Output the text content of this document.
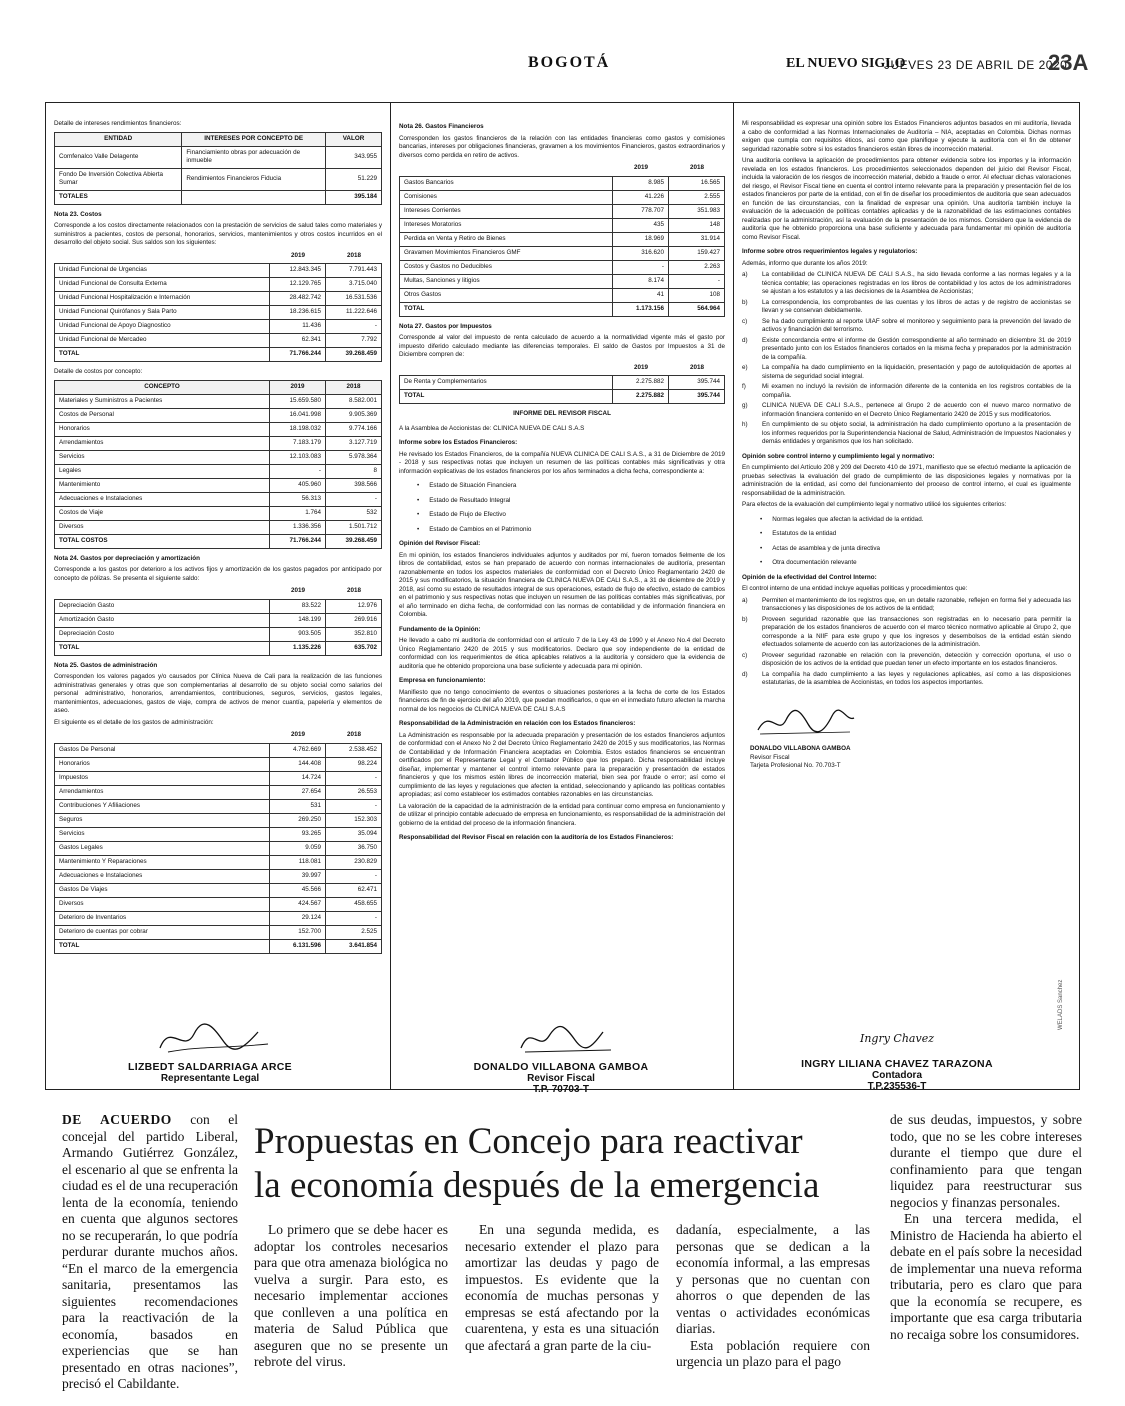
BOGOTÁ	EL NUEVO SIGLO
JUEVES 23 DE ABRIL DE 2020
23A
Detalle de intereses rendimientos financieros:
ENTIDAD	INTERESES POR CONCEPTO DE	VALOR
Comfenalco Valle Delagente	Financiamiento obras por adecuación de inmueble	343.955
Fondo De Inversión Colectiva Abierta Sumar	Rendimientos Financieros Fiducia	51.229
TOTALES		395.184
Nota 23. Costos
Corresponde a los costos directamente relacionados con la prestación de servicios de salud tales como materiales y suministros a pacientes, costos de personal, honorarios, servicios, mantenimientos y otros costos incurridos en el desarrollo del objeto social. Sus saldos son los siguientes:
2019	2018
Unidad Funcional de Urgencias	12.843.345	7.791.443
Unidad Funcional de Consulta Externa	12.129.765	3.715.040
Unidad Funcional Hospitalización e Internación	28.482.742	16.531.536
Unidad Funcional Quirófanos y Sala Parto	18.236.615	11.222.646
Unidad Funcional de Apoyo Diagnostico	11.436	-
Unidad Funcional de Mercadeo	62.341	7.792
TOTAL	71.766.244	39.268.459
Detalle de costos por concepto:
CONCEPTO	2019	2018
Materiales y Suministros a Pacientes	15.659.580	8.582.001
Costos de Personal	16.041.998	9.905.369
Honorarios	18.198.032	9.774.166
Arrendamientos	7.183.179	3.127.719
Servicios	12.103.083	5.978.364
Legales	-	8
Mantenimiento	405.960	398.566
Adecuaciones e Instalaciones	56.313	-
Costos de Viaje	1.764	532
Diversos	1.336.356	1.501.712
TOTAL COSTOS	71.766.244	39.268.459
Nota 24. Gastos por depreciación y amortización
Corresponde a los gastos por deterioro a los activos fijos y amortización de los gastos pagados por anticipado por concepto de pólizas. Se presenta el siguiente saldo:
2019	2018
Depreciación Gasto	83.522	12.976
Amortización Gasto	148.199	269.916
Depreciación Costo	903.505	352.810
TOTAL	1.135.226	635.702
Nota 25. Gastos de administración
Corresponden los valores pagados y/o causados por Clínica Nueva de Cali para la realización de las funciones administrativas generales y otras que son complementarias al desarrollo de su objeto social como salarios del personal administrativo, honorarios, arrendamientos, contribuciones, seguros, servicios, gastos legales, mantenimientos, adecuaciones, gastos de viaje, compra de activos de menor cuantía, papelería y elementos de aseo.
El siguiente es el detalle de los gastos de administración:
2019	2018
Gastos De Personal	4.762.669	2.538.452
Honorarios	144.408	98.224
Impuestos	14.724	-
Arrendamientos	27.654	26.553
Contribuciones Y Afiliaciones	531	-
Seguros	269.250	152.303
Servicios	93.265	35.094
Gastos Legales	9.059	36.750
Mantenimiento Y Reparaciones	118.081	230.829
Adecuaciones e Instalaciones	39.997	-
Gastos De Viajes	45.566	62.471
Diversos	424.567	458.655
Deterioro de Inventarios	29.124	-
Deterioro de cuentas por cobrar	152.700	2.525
TOTAL	6.131.596	3.641.854
Nota 26. Gastos Financieros
Corresponden los gastos financieros de la relación con las entidades financieras como gastos y comisiones bancarias, intereses por obligaciones financieras, gravamen a los movimientos Financieros, gastos extraordinarios y diversos como perdida en retiro de activos.
2019	2018
Gastos Bancarios	8.985	16.565
Comisiones	41.226	2.555
Intereses Corrientes	778.707	351.983
Intereses Moratorios	435	148
Perdida en Venta y Retiro de Bienes	18.969	31.914
Gravamen Movimientos Financieros GMF	316.620	159.427
Costos y Gastos no Deducibles	-	2.263
Multas, Sanciones y litigios	8.174	-
Otros Gastos	41	108
TOTAL	1.173.156	564.964
Nota 27. Gastos por Impuestos
Corresponde al valor del impuesto de renta calculado de acuerdo a la normatividad vigente más el gasto por impuesto diferido calculado mediante las diferencias temporales. El saldo de Gastos por Impuestos a 31 de Diciembre compren de:
2019	2018
De Renta y Complementarios	2.275.882	395.744
TOTAL	2.275.882	395.744
INFORME DEL REVISOR FISCAL
A la Asamblea de Accionistas de: CLINICA NUEVA DE CALI S.A.S
Informe sobre los Estados Financieros:
He revisado los Estados Financieros, de la compañía NUEVA CLINICA DE CALI S.A.S., a 31 de Diciembre de 2019 - 2018 y sus respectivas notas que incluyen un resumen de las políticas contables más significativas y otra información explicativas de los estados financieros por los años terminados a dicha fecha, correspondiente a:
• Estado de Situación Financiera
• Estado de Resultado Integral
• Estado de Flujo de Efectivo
• Estado de Cambios en el Patrimonio
Opinión del Revisor Fiscal:
En mi opinión, los estados financieros individuales adjuntos y auditados por mí, fueron tomados fielmente de los libros de contabilidad, estos se han preparado de acuerdo con normas internacionales de auditoría, presentan razonablemente en todos los aspectos materiales de conformidad con el Decreto Único Reglamentario 2420 de 2015 y sus modificatorios, la situación financiera de CLINICA NUEVA DE CALI S.A.S., a 31 de diciembre de 2019 y 2018, así como su estado de resultados integral de sus operaciones, estado de flujo de efectivo, estado de cambios en el patrimonio y sus respectivas notas que incluyen un resumen de las políticas contables más significativas, por el año terminado en dicha fecha, de conformidad con las normas de contabilidad y de información financiera en Colombia.
Fundamento de la Opinión:
He llevado a cabo mi auditoría de conformidad con el artículo 7 de la Ley 43 de 1990 y el Anexo No.4 del Decreto Único Reglamentario 2420 de 2015 y sus modificatorios. Declaro que soy independiente de la entidad de conformidad con los requerimientos de ética aplicables relativos a la auditoría y considero que la evidencia de auditoría que he obtenido proporciona una base suficiente y adecuada para mi opinión.
Empresa en funcionamiento:
Manifiesto que no tengo conocimiento de eventos o situaciones posteriores a la fecha de corte de los Estados financieros de fin de ejercicio del año 2019, que puedan modificarlos, o que en el inmediato futuro afecten la marcha normal de los negocios de CLINICA NUEVA DE CALI S.A.S
Responsabilidad de la Administración en relación con los Estados financieros:
La Administración es responsable por la adecuada preparación y presentación de los estados financieros adjuntos de conformidad con el Anexo No 2 del Decreto Único Reglamentario 2420 de 2015 y sus modificatorios, las Normas de Contabilidad y de Información Financiera aceptadas en Colombia. Estos estados financieros se encuentran certificados por el Representante Legal y el Contador Público que los preparó. Dicha responsabilidad incluye diseñar, implementar y mantener el control interno relevante para la preparación y presentación de estados financieros y que los mismos estén libres de incorrección material, bien sea por fraude o error; así como el cumplimiento de las leyes y regulaciones que afecten la entidad, seleccionando y aplicando las políticas contables apropiadas; así como establecer los estimados contables razonables en las circunstancias.
La valoración de la capacidad de la administración de la entidad para continuar como empresa en funcionamiento y de utilizar el principio contable adecuado de empresa en funcionamiento, es responsabilidad de la administración del gobierno de la entidad del proceso de la información financiera.
Responsabilidad del Revisor Fiscal en relación con la auditoría de los Estados Financieros:
Mi responsabilidad es expresar una opinión sobre los Estados Financieros adjuntos basados en mi auditoría, llevada a cabo de conformidad a las Normas Internacionales de Auditoría – NIA, aceptadas en Colombia. Dichas normas exigen que cumpla con requisitos éticos, así como que planifique y ejecute la auditoría con el fin de obtener seguridad razonable sobre si los estados financieros están libres de incorrección material.
Una auditoría conlleva la aplicación de procedimientos para obtener evidencia sobre los importes y la información revelada en los estados financieros. Los procedimientos seleccionados dependen del juicio del Revisor Fiscal, incluida la valoración de los riesgos de incorrección material, debido a fraude o error. Al efectuar dichas valoraciones del riesgo, el Revisor Fiscal tiene en cuenta el control interno relevante para la preparación y presentación fiel de los estados financieros por parte de la entidad, con el fin de diseñar los procedimientos de auditoría que sean adecuados en función de las circunstancias, con la finalidad de expresar una opinión. Una auditoría también incluye la evaluación de la adecuación de políticas contables aplicadas y de la razonabilidad de las estimaciones contables realizadas por la administración, así la evaluación de la presentación de los mismos. Considero que la evidencia de auditoría que he obtenido proporciona una base suficiente y adecuada para fundamentar mi opinión de auditoría como Revisor Fiscal.
Informe sobre otros requerimientos legales y regulatorios:
Además, informo que durante los años 2019:
a)	La contabilidad de CLINICA NUEVA DE CALI S.A.S., ha sido llevada conforme a las normas legales y a la técnica contable; las operaciones registradas en los libros de contabilidad y los actos de los administradores se ajustan a los estatutos y a las decisiones de la Asamblea de Accionistas;
b)	La correspondencia, los comprobantes de las cuentas y los libros de actas y de registro de accionistas se llevan y se conservan debidamente.
c)	Se ha dado cumplimiento al reporte UIAF sobre el monitoreo y seguimiento para la prevención del lavado de activos y financiación del terrorismo.
d)	Existe concordancia entre el informe de Gestión correspondiente al año terminado en diciembre 31 de 2019 presentado junto con los Estados financieros cortados en la misma fecha y preparados por la administración de la compañía.
e)	La compañía ha dado cumplimiento en la liquidación, presentación y pago de autoliquidación de aportes al sistema de seguridad social integral.
f)	Mi examen no incluyó la revisión de información diferente de la contenida en los registros contables de la compañía.
g)	CLINICA NUEVA DE CALI S.A.S., pertenece al Grupo 2 de acuerdo con el nuevo marco normativo de información financiera contenido en el Decreto Único Reglamentario 2420 de 2015 y sus modificatorios.
h)	En cumplimiento de su objeto social, la administración ha dado cumplimiento oportuno a la presentación de los informes requeridos por la Superintendencia Nacional de Salud, Administración de Impuestos Nacionales y demás entidades y organismos que los han solicitado.
Opinión sobre control interno y cumplimiento legal y normativo:
En cumplimiento del Artículo 208 y 209 del Decreto 410 de 1971, manifiesto que se efectuó mediante la aplicación de pruebas selectivas la evaluación del grado de cumplimiento de las disposiciones legales y normativas por la administración de la entidad, así como del funcionamiento del proceso de control interno, el cual es igualmente responsabilidad de la administración.
Para efectos de la evaluación del cumplimiento legal y normativo utilicé los siguientes criterios:
• Normas legales que afectan la actividad de la entidad.
• Estatutos de la entidad
• Actas de asamblea y de junta directiva
• Otra documentación relevante
Opinión de la efectividad del Control Interno:
El control interno de una entidad incluye aquellas políticas y procedimientos que:
a)	Permiten el mantenimiento de los registros que, en un detalle razonable, reflejen en forma fiel y adecuada las transacciones y las disposiciones de los activos de la entidad;
b)	Proveen seguridad razonable que las transacciones son registradas en lo necesario para permitir la preparación de los estados financieros de acuerdo con el marco técnico normativo aplicable al Grupo 2, que corresponde a la NIIF para este grupo y que los ingresos y desembolsos de la entidad están siendo efectuados solamente de acuerdo con las autorizaciones de la administración.
c)	Proveer seguridad razonable en relación con la prevención, detección y corrección oportuna, el uso o disposición de los activos de la entidad que puedan tener un efecto importante en los estados financieros.
d)	La compañía ha dado cumplimiento a las leyes y regulaciones aplicables, así como a las disposiciones estatutarias, de la asamblea de Accionistas, en todos los aspectos importantes.
DONALDO VILLABONA GAMBOA
Revisor Fiscal
Tarjeta Profesional No. 70.703-T
LIZBEDT SALDARRIAGA ARCE
Representante Legal
DONALDO VILLABONA GAMBOA
Revisor Fiscal
T.P. 70703-T
Ingry Chavez
INGRY LILIANA CHAVEZ TARAZONA
Contadora
T.P.235536-T
WELADS Sanchez
DE ACUERDO con el concejal del partido Liberal, Armando Gutiérrez González, el escenario al que se enfrenta la ciudad es el de una recuperación lenta de la economía, teniendo en cuenta que algunos sectores no se recuperarán, lo que podría perdurar durante muchos años. “En el marco de la emergencia sanitaria, presentamos las siguientes recomendaciones para la reactivación de la economía, basados en experiencias que se han presentado en otras naciones”, precisó el Cabildante.
Propuestas en Concejo para reactivar
la economía después de la emergencia
Lo primero que se debe hacer es adoptar los controles necesarios para que otra amenaza biológica no vuelva a surgir. Para esto, es necesario implementar acciones que conlleven a una política en materia de Salud Pública que aseguren que no se presente un rebrote del virus.
En una segunda medida, es necesario extender el plazo para amortizar las deudas y pago de impuestos. Es evidente que la economía de muchas personas y empresas se está afectando por la cuarentena, y esta es una situación que afectará a gran parte de la ciu-
dadanía, especialmente, a las personas que se dedican a la economía informal, a las empresas y personas que no cuentan con ahorros o que dependen de las ventas o actividades económicas diarias.
Esta población requiere con urgencia un plazo para el pago
de sus deudas, impuestos, y sobre todo, que no se les cobre intereses durante el tiempo que dure el confinamiento para que tengan liquidez para reestructurar sus negocios y finanzas personales.
En una tercera medida, el Ministro de Hacienda ha abierto el debate en el país sobre la necesidad de implementar una nueva reforma tributaria, pero es claro que para que la economía se recupere, es importante que esa carga tributaria no recaiga sobre los consumidores.
